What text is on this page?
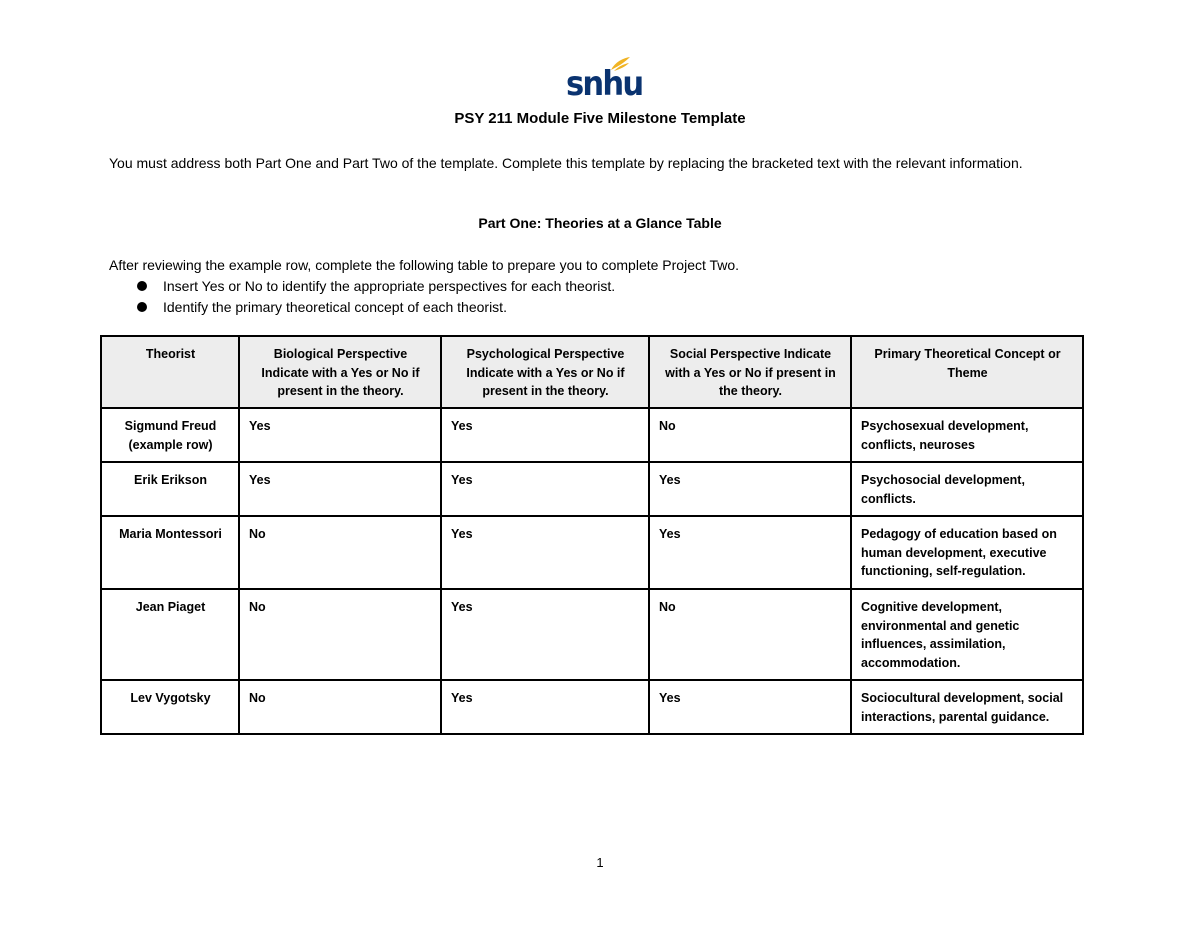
snhu
PSY 211 Module Five Milestone Template
You must address both Part One and Part Two of the template. Complete this template by replacing the bracketed text with the relevant information.
Part One: Theories at a Glance Table
After reviewing the example row, complete the following table to prepare you to complete Project Two.
Insert Yes or No to identify the appropriate perspectives for each theorist.
Identify the primary theoretical concept of each theorist.
Theorist	Biological Perspective Indicate with a Yes or No if present in the theory.	Psychological Perspective Indicate with a Yes or No if present in the theory.	Social Perspective Indicate with a Yes or No if present in the theory.	Primary Theoretical Concept or Theme
Sigmund Freud (example row)	Yes	Yes	No	Psychosexual development, conflicts, neuroses
Erik Erikson	Yes	Yes	Yes	Psychosocial development, conflicts.
Maria Montessori	No	Yes	Yes	Pedagogy of education based on human development, executive functioning, self-regulation.
Jean Piaget	No	Yes	No	Cognitive development, environmental and genetic influences, assimilation, accommodation.
Lev Vygotsky	No	Yes	Yes	Sociocultural development, social interactions, parental guidance.
1
